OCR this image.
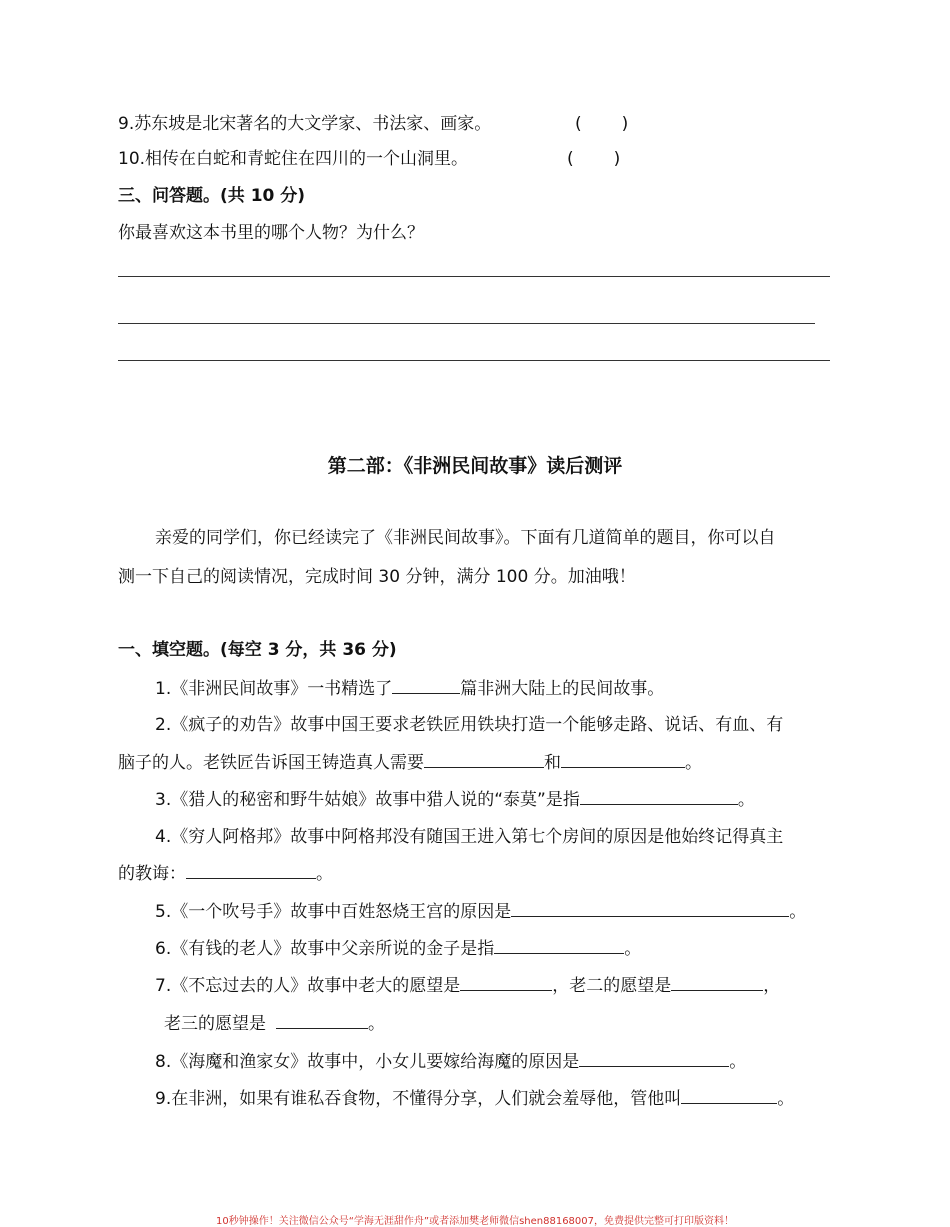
9.苏东坡是北宋著名的大文学家、书法家、画家。	( )
10.相传在白蛇和青蛇住在四川的一个山洞里。	( )
三、问答题。(共 10 分)
你最喜欢这本书里的哪个人物？为什么？
第二部：《非洲民间故事》读后测评
亲爱的同学们，你已经读完了《非洲民间故事》。下面有几道简单的题目，你可以自
测一下自己的阅读情况，完成时间 30 分钟，满分 100 分。加油哦！
一、填空题。(每空 3 分，共 36 分)
1.《非洲民间故事》一书精选了	篇非洲大陆上的民间故事。
2.《疯子的劝告》故事中国王要求老铁匠用铁块打造一个能够走路、说话、有血、有
脑子的人。老铁匠告诉国王铸造真人需要	和	。
3.《猎人的秘密和野牛姑娘》故事中猎人说的“泰莫”是指	。
4.《穷人阿格邦》故事中阿格邦没有随国王进入第七个房间的原因是他始终记得真主
的教诲：	。
5.《一个吹号手》故事中百姓怒烧王宫的原因是	。
6.《有钱的老人》故事中父亲所说的金子是指	。
7.《不忘过去的人》故事中老大的愿望是	，老二的愿望是	，
老三的愿望是	。
8.《海魔和渔家女》故事中，小女儿要嫁给海魔的原因是	。
9.在非洲，如果有谁私吞食物，不懂得分享，人们就会羞辱他，管他叫	。
10秒钟操作！关注微信公众号“学海无涯甜作舟”或者添加樊老师微信shen88168007，免费提供完整可打印版资料！
